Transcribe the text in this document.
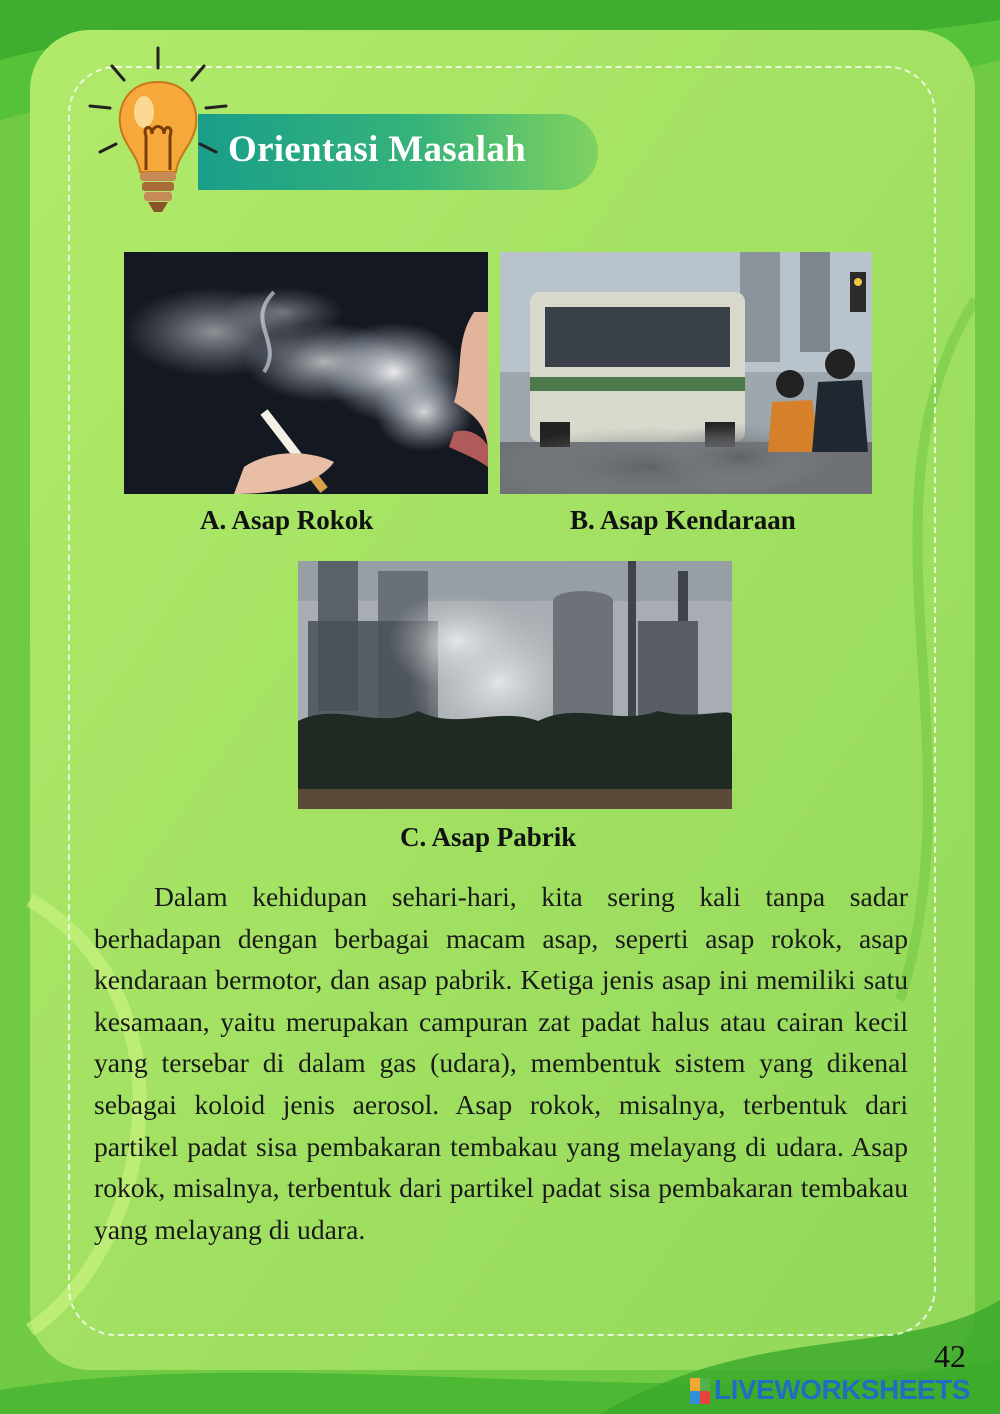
Orientasi Masalah
A. Asap Rokok	B. Asap Kendaraan
C. Asap Pabrik

Dalam kehidupan sehari-hari, kita sering kali tanpa sadar berhadapan dengan berbagai macam asap, seperti asap rokok, asap kendaraan bermotor, dan asap pabrik. Ketiga jenis asap ini memiliki satu kesamaan, yaitu merupakan campuran zat padat halus atau cairan kecil yang tersebar di dalam gas (udara), membentuk sistem yang dikenal sebagai koloid jenis aerosol. Asap rokok, misalnya, terbentuk dari partikel padat sisa pembakaran tembakau yang melayang di udara. Asap rokok, misalnya, terbentuk dari partikel padat sisa pembakaran tembakau yang melayang di udara.

42
LIVEWORKSHEETS
